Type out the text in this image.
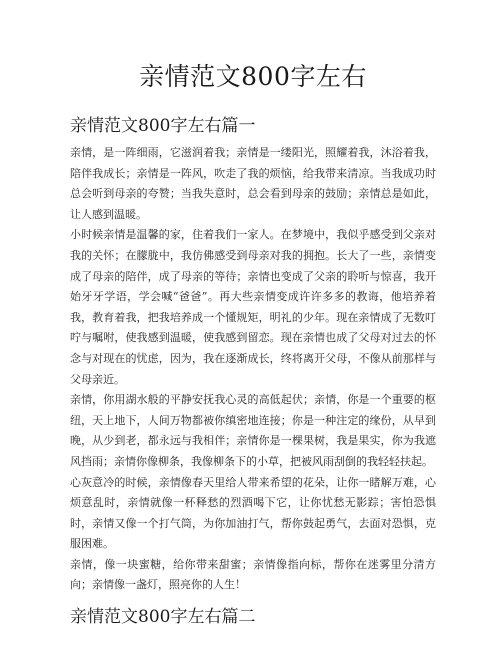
亲情范文800字左右
亲情范文800字左右篇一

亲情，是一阵细雨，它滋润着我；亲情是一缕阳光，照耀着我，沐浴着我，陪伴我成长；亲情是一阵风，吹走了我的烦恼，给我带来清凉。当我成功时总会听到母亲的夸赞；当我失意时，总会看到母亲的鼓励；亲情总是如此，让人感到温暖。

小时候亲情是温馨的家，住着我们一家人。在梦境中，我似乎感受到父亲对我的关怀；在朦胧中，我仿佛感受到母亲对我的拥抱。长大了一些，亲情变成了母亲的陪伴，成了母亲的等待；亲情也变成了父亲的聆听与惊喜，我开始牙牙学语，学会喊“爸爸”。再大些亲情变成许许多多的教诲，他培养着我，教育着我，把我培养成一个懂规矩，明礼的少年。现在亲情成了无数叮咛与嘱咐，使我感到温暖，使我感到留恋。现在亲情也成了父母对过去的怀念与对现在的忧虑，因为，我在逐渐成长，终将离开父母，不像从前那样与父母亲近。

亲情，你用湖水般的平静安抚我心灵的高低起伏；亲情，你是一个重要的枢纽，天上地下，人间万物都被你缜密地连接；你是一种注定的缘份，从早到晚，从少到老，都永远与我相伴；亲情你是一棵果树，我是果实，你为我遮风挡雨；亲情你像柳条，我像柳条下的小草，把被风雨刮倒的我轻轻扶起。

心灰意冷的时候，亲情像春天里给人带来希望的花朵，让你一睹解万难，心烦意乱时，亲情就像一杯释愁的烈酒喝下它，让你忧愁无影踪；害怕恐惧时，亲情又像一个打气筒，为你加油打气，帮你鼓起勇气，去面对恐惧，克服困难。

亲情，像一块蜜糖，给你带来甜蜜；亲情像指向标，帮你在迷雾里分清方向；亲情像一盏灯，照亮你的人生！

亲情范文800字左右篇二
